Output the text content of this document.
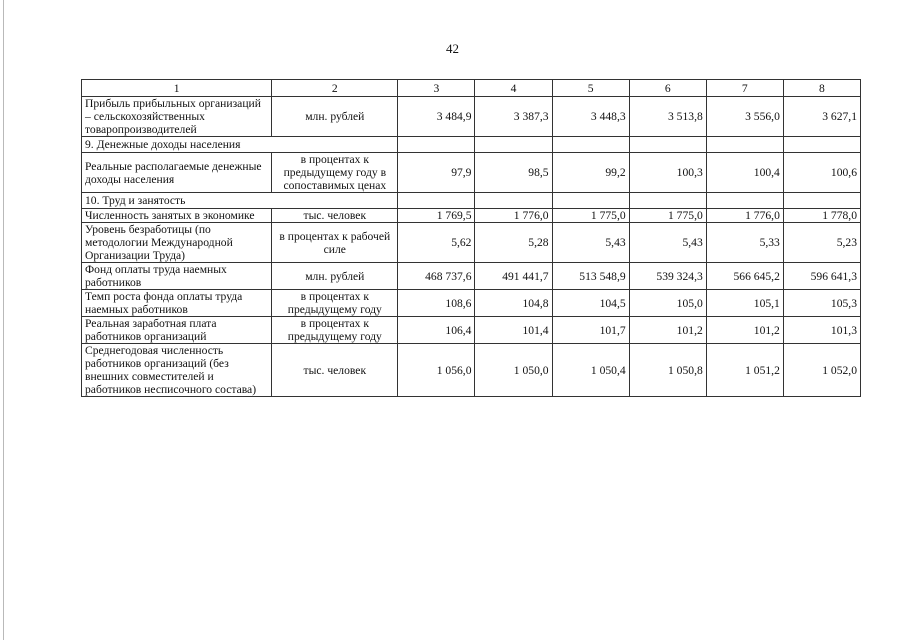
42
1	2	3	4	5	6	7	8
Прибыль прибыльных организаций – сельскохозяйственных товаропроизводителей	млн. рублей	3 484,9	3 387,3	3 448,3	3 513,8	3 556,0	3 627,1
9. Денежные доходы населения							
Реальные располагаемые денежные доходы населения	в процентах к предыдущему году в сопоставимых ценах	97,9	98,5	99,2	100,3	100,4	100,6
10. Труд и занятость							
Численность занятых в экономике	тыс. человек	1 769,5	1 776,0	1 775,0	1 775,0	1 776,0	1 778,0
Уровень безработицы (по методологии Международной Организации Труда)	в процентах к рабочей силе	5,62	5,28	5,43	5,43	5,33	5,23
Фонд оплаты труда наемных работников	млн. рублей	468 737,6	491 441,7	513 548,9	539 324,3	566 645,2	596 641,3
Темп роста фонда оплаты труда наемных работников	в процентах к предыдущему году	108,6	104,8	104,5	105,0	105,1	105,3
Реальная заработная плата работников организаций	в процентах к предыдущему году	106,4	101,4	101,7	101,2	101,2	101,3
Среднегодовая численность работников организаций (без внешних совместителей и работников несписочного состава)	тыс. человек	1 056,0	1 050,0	1 050,4	1 050,8	1 051,2	1 052,0
